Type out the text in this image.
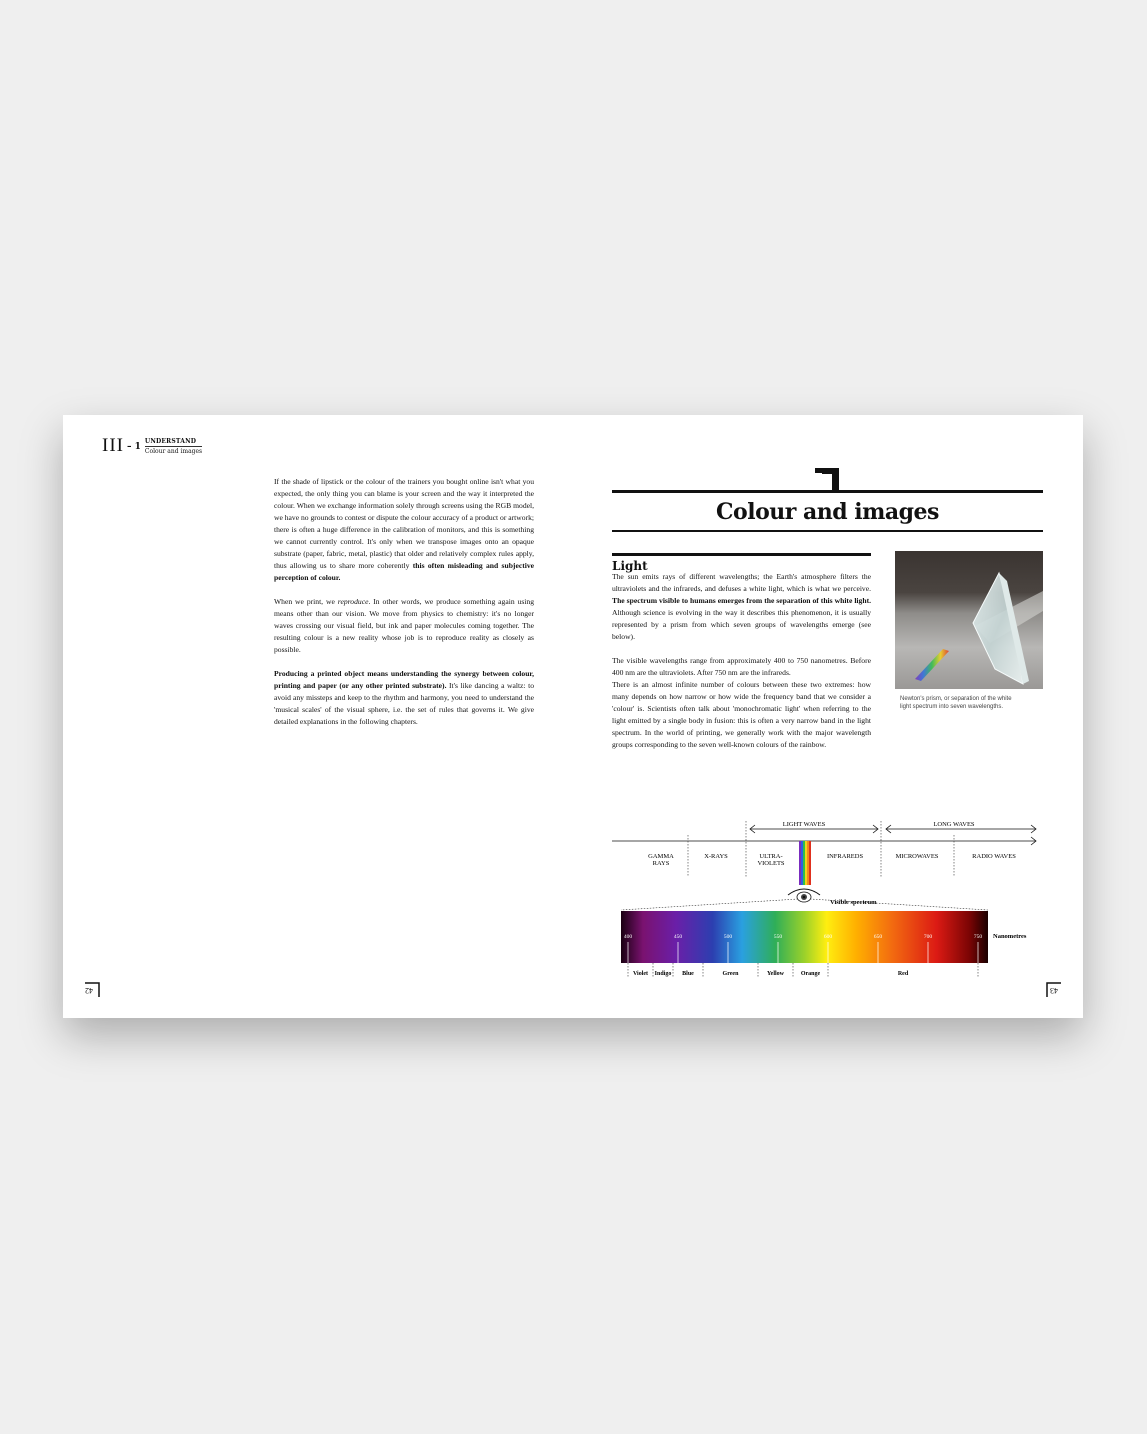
III – 1
UNDERSTAND
Colour and images

If the shade of lipstick or the colour of the trainers you bought online isn't what you expected, the only thing you can blame is your screen and the way it interpreted the colour. When we exchange information solely through screens using the RGB model, we have no grounds to contest or dispute the colour accuracy of a product or artwork; there is often a huge difference in the calibration of monitors, and this is something we cannot currently control. It's only when we transpose images onto an opaque substrate (paper, fabric, metal, plastic) that older and relatively complex rules apply, thus allowing us to share more coherently this often misleading and subjective perception of colour.

When we print, we reproduce. In other words, we produce something again using means other than our vision. We move from physics to chemistry: it's no longer waves crossing our visual field, but ink and paper molecules coming together. The resulting colour is a new reality whose job is to reproduce reality as closely as possible.

Producing a printed object means understanding the synergy between colour, printing and paper (or any other printed substrate). It's like dancing a waltz: to avoid any missteps and keep to the rhythm and harmony, you need to understand the 'musical scales' of the visual sphere, i.e. the set of rules that governs it. We give detailed explanations in the following chapters.

Colour and images
Light

The sun emits rays of different wavelengths; the Earth's atmosphere filters the ultraviolets and the infrareds, and defuses a white light, which is what we perceive. The spectrum visible to humans emerges from the separation of this white light. Although science is evolving in the way it describes this phenomenon, it is usually represented by a prism from which seven groups of wavelengths emerge (see below).

The visible wavelengths range from approximately 400 to 750 nanometres. Before 400 nm are the ultraviolets. After 750 nm are the infrareds.

There is an almost infinite number of colours between these two extremes: how many depends on how narrow or how wide the frequency band that we consider a 'colour' is. Scientists often talk about 'monochromatic light' when referring to the light emitted by a single body in fusion: this is often a very narrow band in the light spectrum. In the world of printing, we generally work with the major wavelength groups corresponding to the seven well-known colours of the rainbow.

Newton's prism, or separation of the white light spectrum into seven wavelengths.
LIGHT WAVES	LONG WAVES
GAMMA
RAYS
X-RAYS	ULTRA-
VIOLETS
INFRAREDS	MICROWAVES	RADIO WAVES
Visible spectrum
Nanometres
400	450	500	550	600	650	700	750
Violet Indigo Blue	Green	Yellow	Orange	Red
42	43
